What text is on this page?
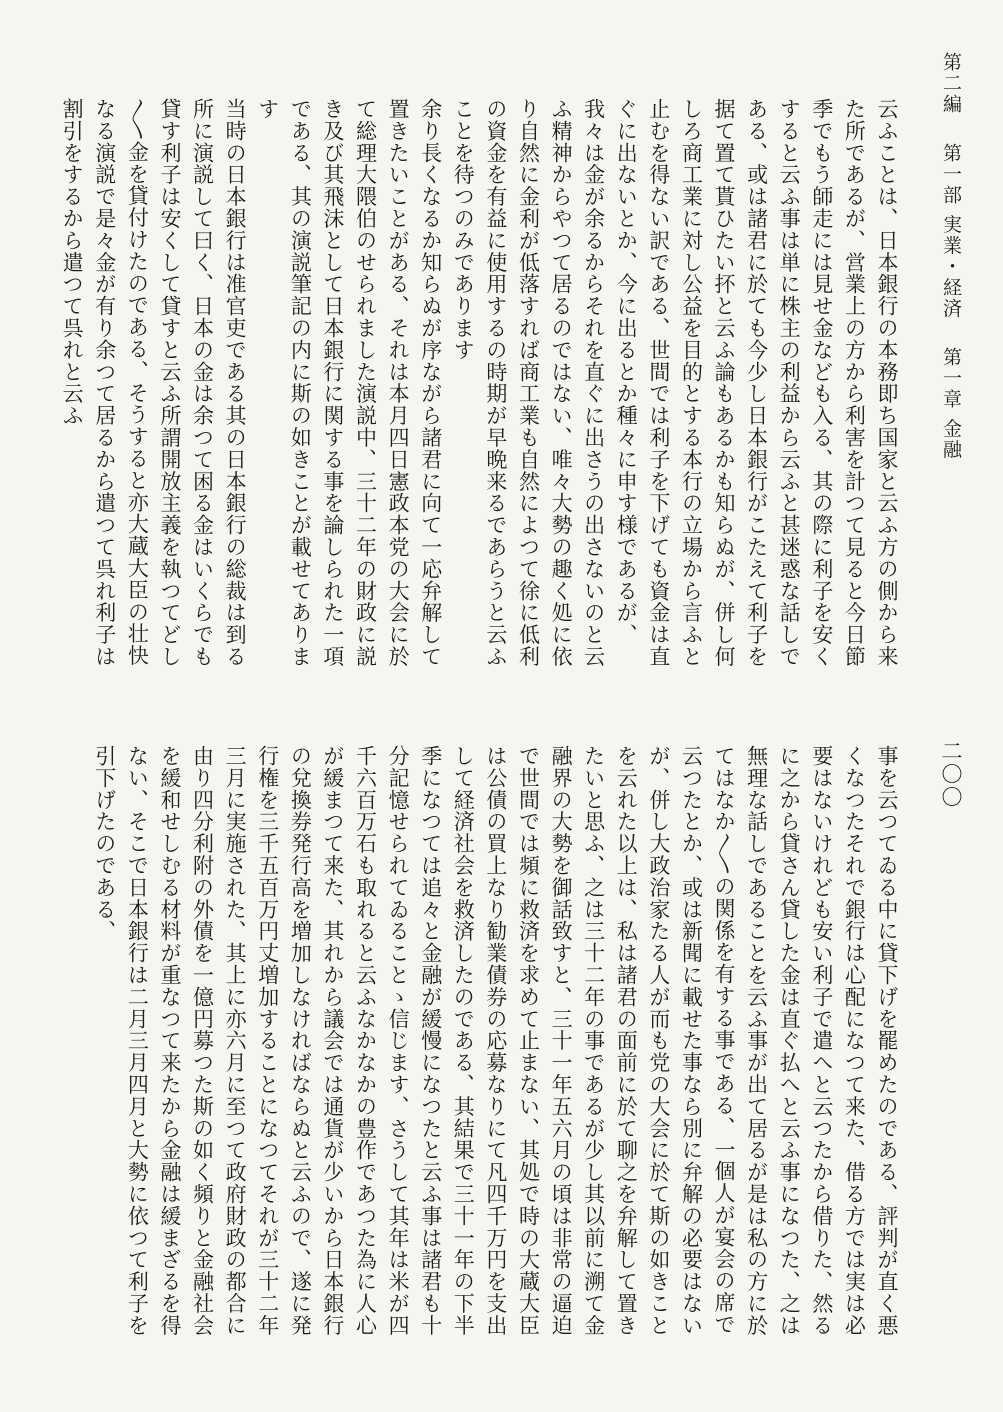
第二編 第一部 実業・経済 第一章 金融
二〇〇

云ふことは、日本銀行の本務即ち国家と云ふ方の側から来た所であるが、営業上の方から利害を計つて見ると今日節季でもう師走には見せ金なども入る、其の際に利子を安くすると云ふ事は単に株主の利益から云ふと甚迷惑な話しである、或は諸君に於ても今少し日本銀行がこたえて利子を据て置て貰ひたい抔と云ふ論もあるかも知らぬが、併し何しろ商工業に対し公益を目的とする本行の立場から言ふと止むを得ない訳である、世間では利子を下げても資金は直ぐに出ないとか、今に出るとか種々に申す様であるが、我々は金が余るからそれを直ぐに出さうの出さないのと云ふ精神からやつて居るのではない、唯々大勢の趣く処に依り自然に金利が低落すれば商工業も自然によつて徐に低利の資金を有益に使用するの時期が早晩来るであらうと云ふことを待つのみであります

余り長くなるか知らぬが序ながら諸君に向て一応弁解して置きたいことがある、それは本月四日憲政本党の大会に於て総理大隈伯のせられました演説中、三十二年の財政に説き及び其飛沫として日本銀行に関する事を論しられた一項である、其の演説筆記の内に斯の如きことが載せてあります

当時の日本銀行は准官吏である其の日本銀行の総裁は到る所に演説して曰く、日本の金は余つて困る金はいくらでも貸す利子は安くして貸すと云ふ所謂開放主義を執つてどし〳〵金を貸付けたのである、そうすると亦大蔵大臣の壮快なる演説で是々金が有り余つて居るから遣つて呉れ利子は割引をするから遣つて呉れと云ふ

事を云つてゐる中に貸下げを罷めたのである、評判が直く悪くなつたそれで銀行は心配になつて来た、借る方では実は必要はないけれども安い利子で遣へと云つたから借りた、然るに之から貸さん貸した金は直ぐ払へと云ふ事になつた、之は無理な話しであることを云ふ事が出て居るが是は私の方に於てはなか〳〵の関係を有する事である、一個人が宴会の席で云つたとか、或は新聞に載せた事なら別に弁解の必要はないが、併し大政治家たる人が而も党の大会に於て斯の如きことを云れた以上は、私は諸君の面前に於て聊之を弁解して置きたいと思ふ、之は三十二年の事であるが少し其以前に溯て金融界の大勢を御話致すと、三十一年五六月の頃は非常の逼迫で世間では頻に救済を求めて止まない、其処で時の大蔵大臣は公債の買上なり勧業債券の応募なりにて凡四千万円を支出して経済社会を救済したのである、其結果で三十一年の下半季になつては追々と金融が緩慢になつたと云ふ事は諸君も十分記憶せられてゐることゝ信じます、さうして其年は米が四千六百万石も取れると云ふなかなかの豊作であつた為に人心が緩まつて来た、其れから議会では通貨が少いから日本銀行の兌換券発行高を増加しなければならぬと云ふので、遂に発行権を三千五百万円丈増加することになつてそれが三十二年三月に実施された、其上に亦六月に至つて政府財政の都合に由り四分利附の外債を一億円募つた斯の如く頻りと金融社会を緩和せしむる材料が重なつて来たから金融は緩まざるを得ない、そこで日本銀行は二月三月四月と大勢に依つて利子を引下げたのである、
